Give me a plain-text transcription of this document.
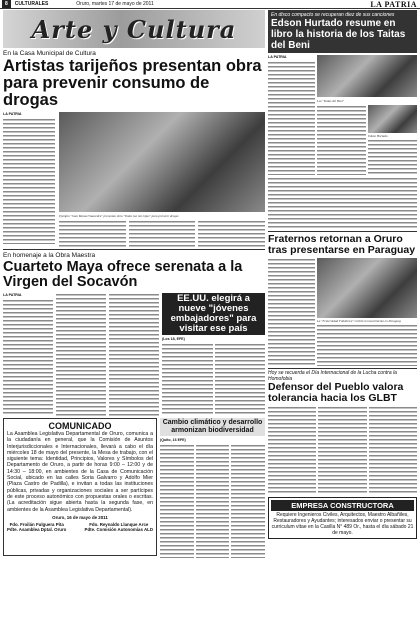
8	CULTURALES	Oruro, martes 17 de mayo de 2011	LA PATRIA
Arte y Cultura
En la Casa Municipal de Cultura
Artistas tarijeños presentan obra para prevenir consumo de drogas
LA PATRIA
Ejemplo "Juan Manuel Saavedra" presentan obra "Todos tan mis hijas" para prevenir drogas
En homenaje a la Obra Maestra
Cuarteto Maya ofrece serenata a la Virgen del Socavón
LA PATRIA	EE.UU. elegirá a nueve "jóvenes embajadores" para visitar ese país
(Los 18, EFE)
COMUNICADO
La Asamblea Legislativa Departamental de Oruro, comunica a la ciudadanía en general, que la Comisión de Asuntos Interjurisdiccionales e Internacionales, llevará a cabo el día miércoles 18 de mayo del presente, la Mesa de trabajo, con el siguiente tema: Identidad, Principios, Valores y Símbolos del Departamento de Oruro, a partir de horas 9:00 – 12:00 y de 14:30 – 18:00, en ambientes de la Casa de Comunicación Social, ubicado en las calles Soria Galvarro y Adolfo Mier (Plaza Castro de Padilla), e invitan a todas las instituciones públicas, privadas y organizaciones sociales a ser partícipes de este proceso autonómico con propuestas orales o escritas. (La acreditación sigue abierta hasta la segunda fase, en ambientes de la Asamblea Legislativa Departamental).
Oruro, 16 de mayo de 2011
Fdo. Froilán Fulguera Pita
Pdte. Asamblea Dptal. Oruro
Fdo. Reynaldo Llanque Arce
Pdte. Comisión Autonomías ALD
Cambio climático y desarrollo armonizan biodiversidad
(Quito, 16 EFE)
En disco compacto se recuperan diez de sus canciones
Edson Hurtado resume en libro la historia de los Taitas del Beni
LA PATRIA
Los "Taitas del Beni"
Edson Hurtado
Fraternos retornan a Oruro tras presentarse en Paraguay
La "Fraternidad Folklórica" recibió reconocimiento en Paraguay
Hoy se recuerda el Día Internacional de la Lucha contra la Homofobia
Defensor del Pueblo valora tolerancia hacia los GLBT
EMPRESA CONSTRUCTORA
Requiere Ingenieros Civiles, Arquitectos, Maestro Albañiles, Restauradores y Ayudantes; interesados enviar o presentar su curriculum vitae en la Casilla N° 489 Or., hasta el día sábado 21 de mayo.
